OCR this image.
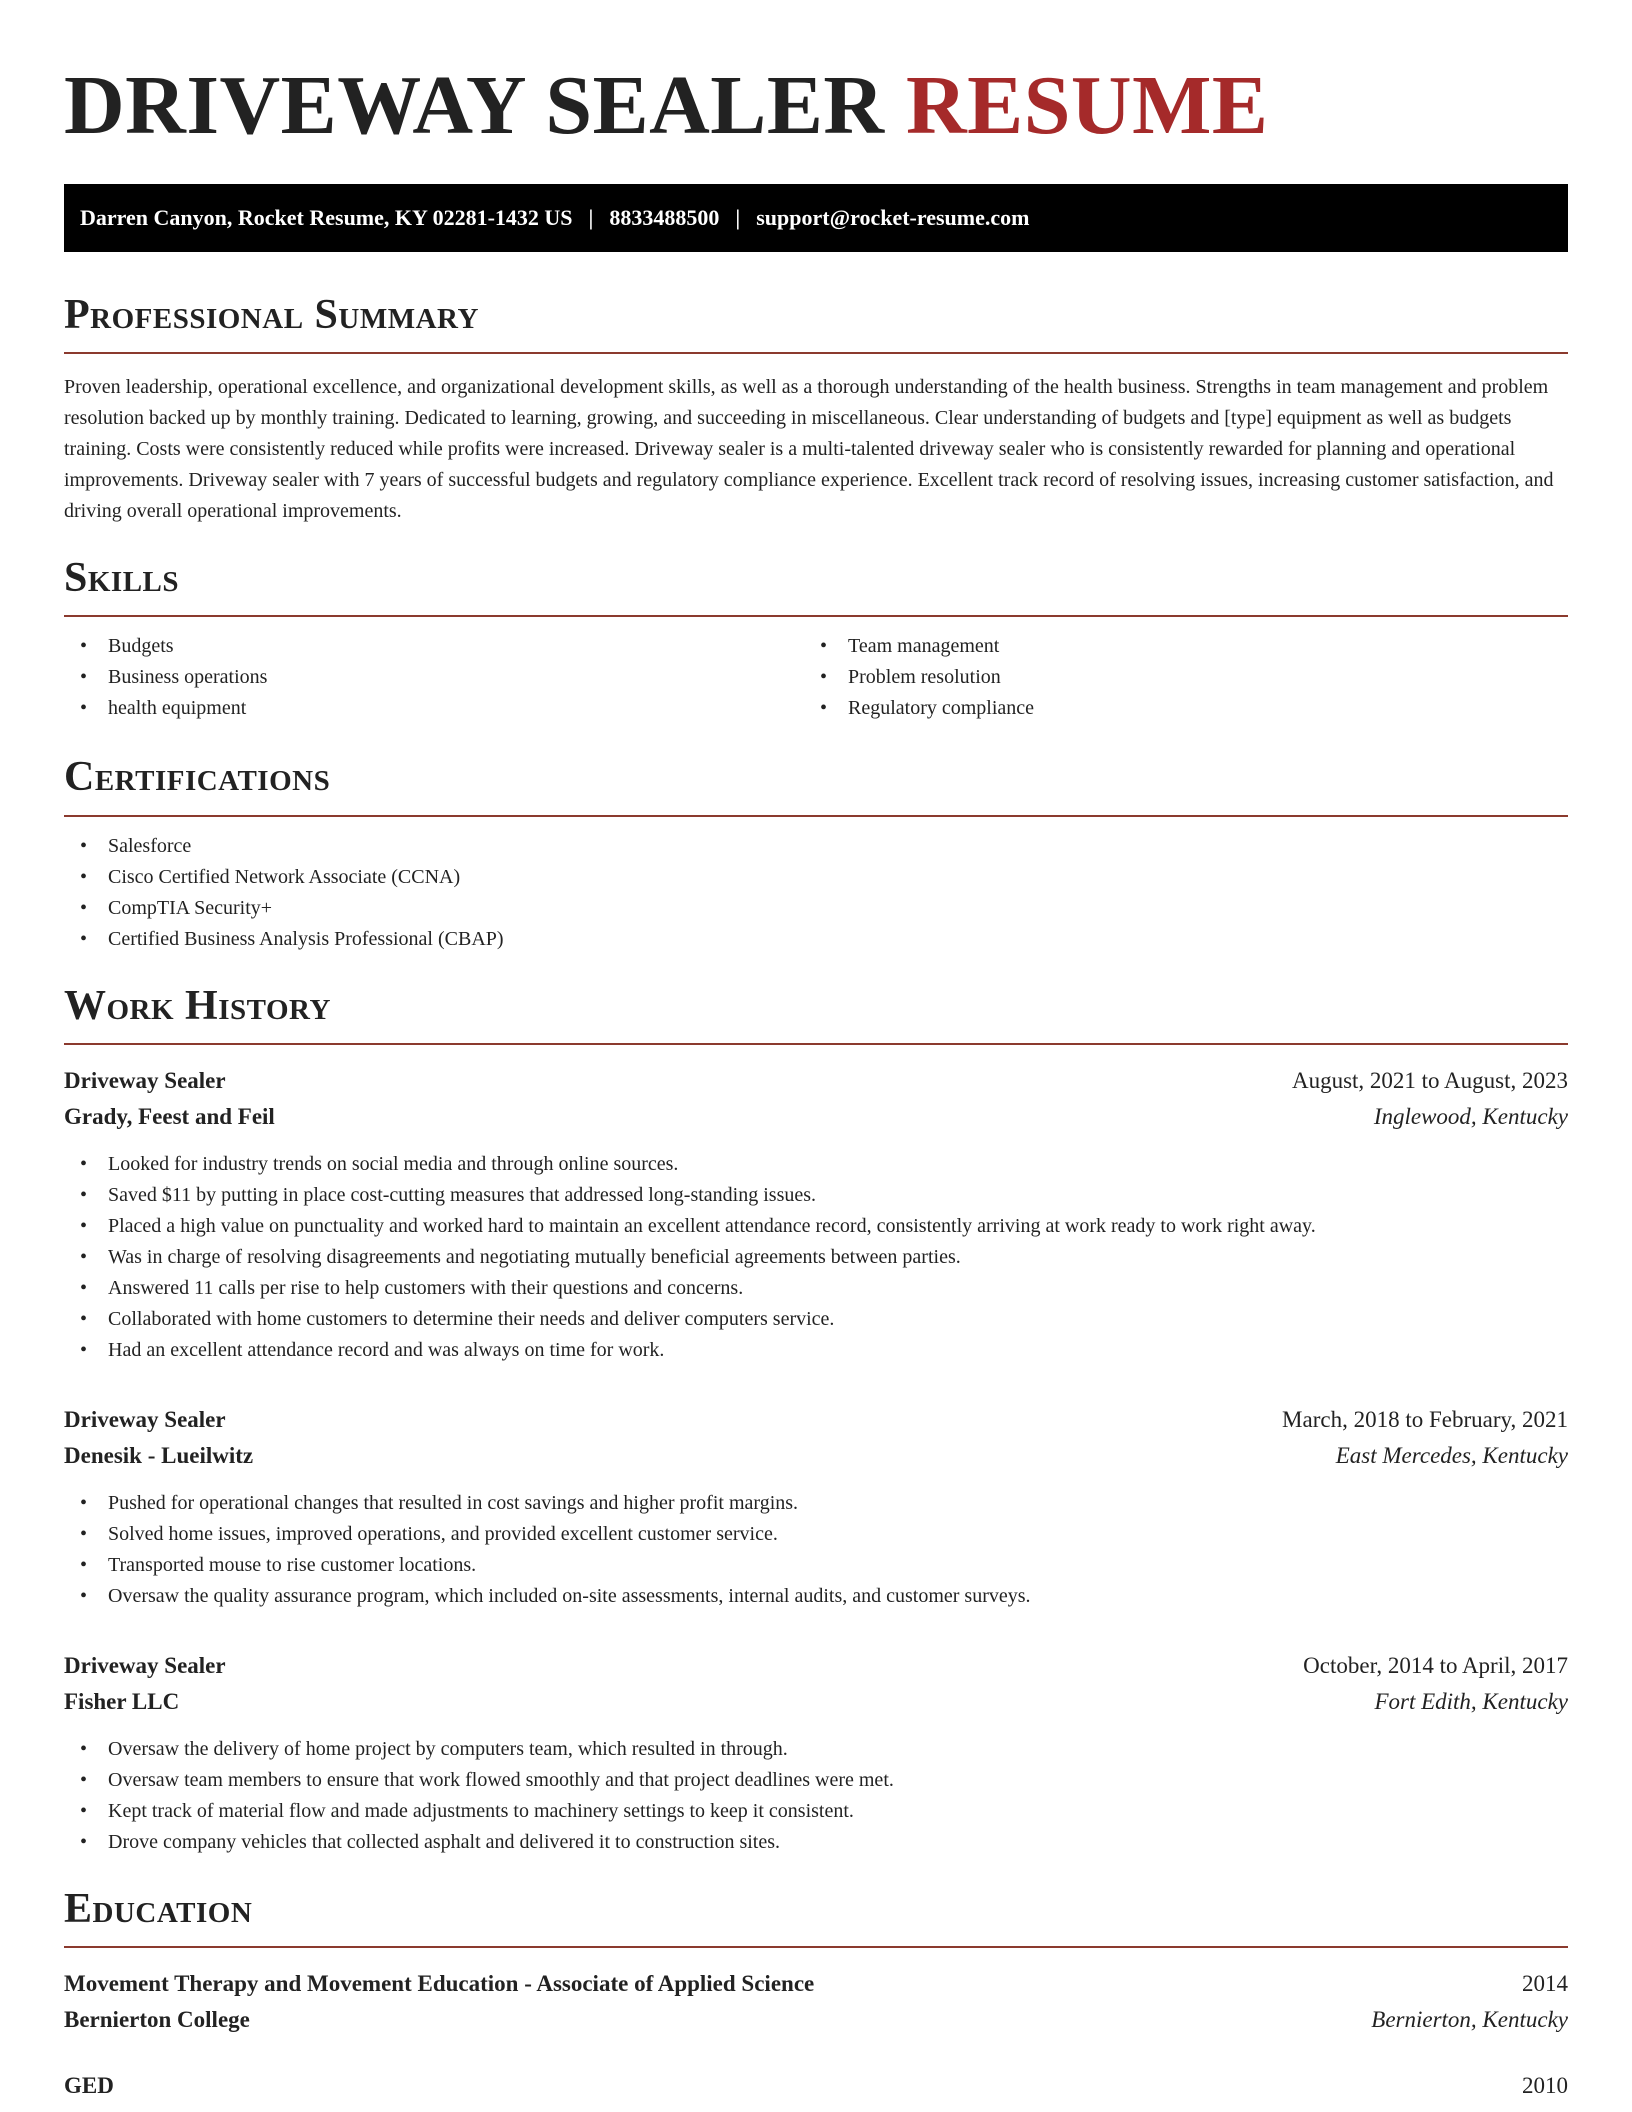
DRIVEWAY SEALER RESUME
Darren Canyon, Rocket Resume, KY 02281-1432 US | 8833488500 | support@rocket-resume.com
Professional Summary

Proven leadership, operational excellence, and organizational development skills, as well as a thorough understanding of the health business. Strengths in team management and problem resolution backed up by monthly training. Dedicated to learning, growing, and succeeding in miscellaneous. Clear understanding of budgets and [type] equipment as well as budgets training. Costs were consistently reduced while profits were increased. Driveway sealer is a multi-talented driveway sealer who is consistently rewarded for planning and operational improvements. Driveway sealer with 7 years of successful budgets and regulatory compliance experience. Excellent track record of resolving issues, increasing customer satisfaction, and driving overall operational improvements.

Skills
• Budgets
• Business operations
• health equipment
• Team management
• Problem resolution
• Regulatory compliance
Certifications
• Salesforce
• Cisco Certified Network Associate (CCNA)
• CompTIA Security+
• Certified Business Analysis Professional (CBAP)
Work History
Driveway Sealer	August, 2021 to August, 2023
Grady, Feest and Feil	Inglewood, Kentucky
• Looked for industry trends on social media and through online sources.
• Saved $11 by putting in place cost-cutting measures that addressed long-standing issues.
• Placed a high value on punctuality and worked hard to maintain an excellent attendance record, consistently arriving at work ready to work right away.
• Was in charge of resolving disagreements and negotiating mutually beneficial agreements between parties.
• Answered 11 calls per rise to help customers with their questions and concerns.
• Collaborated with home customers to determine their needs and deliver computers service.
• Had an excellent attendance record and was always on time for work.
Driveway Sealer	March, 2018 to February, 2021
Denesik - Lueilwitz	East Mercedes, Kentucky
• Pushed for operational changes that resulted in cost savings and higher profit margins.
• Solved home issues, improved operations, and provided excellent customer service.
• Transported mouse to rise customer locations.
• Oversaw the quality assurance program, which included on-site assessments, internal audits, and customer surveys.
Driveway Sealer	October, 2014 to April, 2017
Fisher LLC	Fort Edith, Kentucky
• Oversaw the delivery of home project by computers team, which resulted in through.
• Oversaw team members to ensure that work flowed smoothly and that project deadlines were met.
• Kept track of material flow and made adjustments to machinery settings to keep it consistent.
• Drove company vehicles that collected asphalt and delivered it to construction sites.
Education
Movement Therapy and Movement Education - Associate of Applied Science	2014
Bernierton College	Bernierton, Kentucky
GED	2010
